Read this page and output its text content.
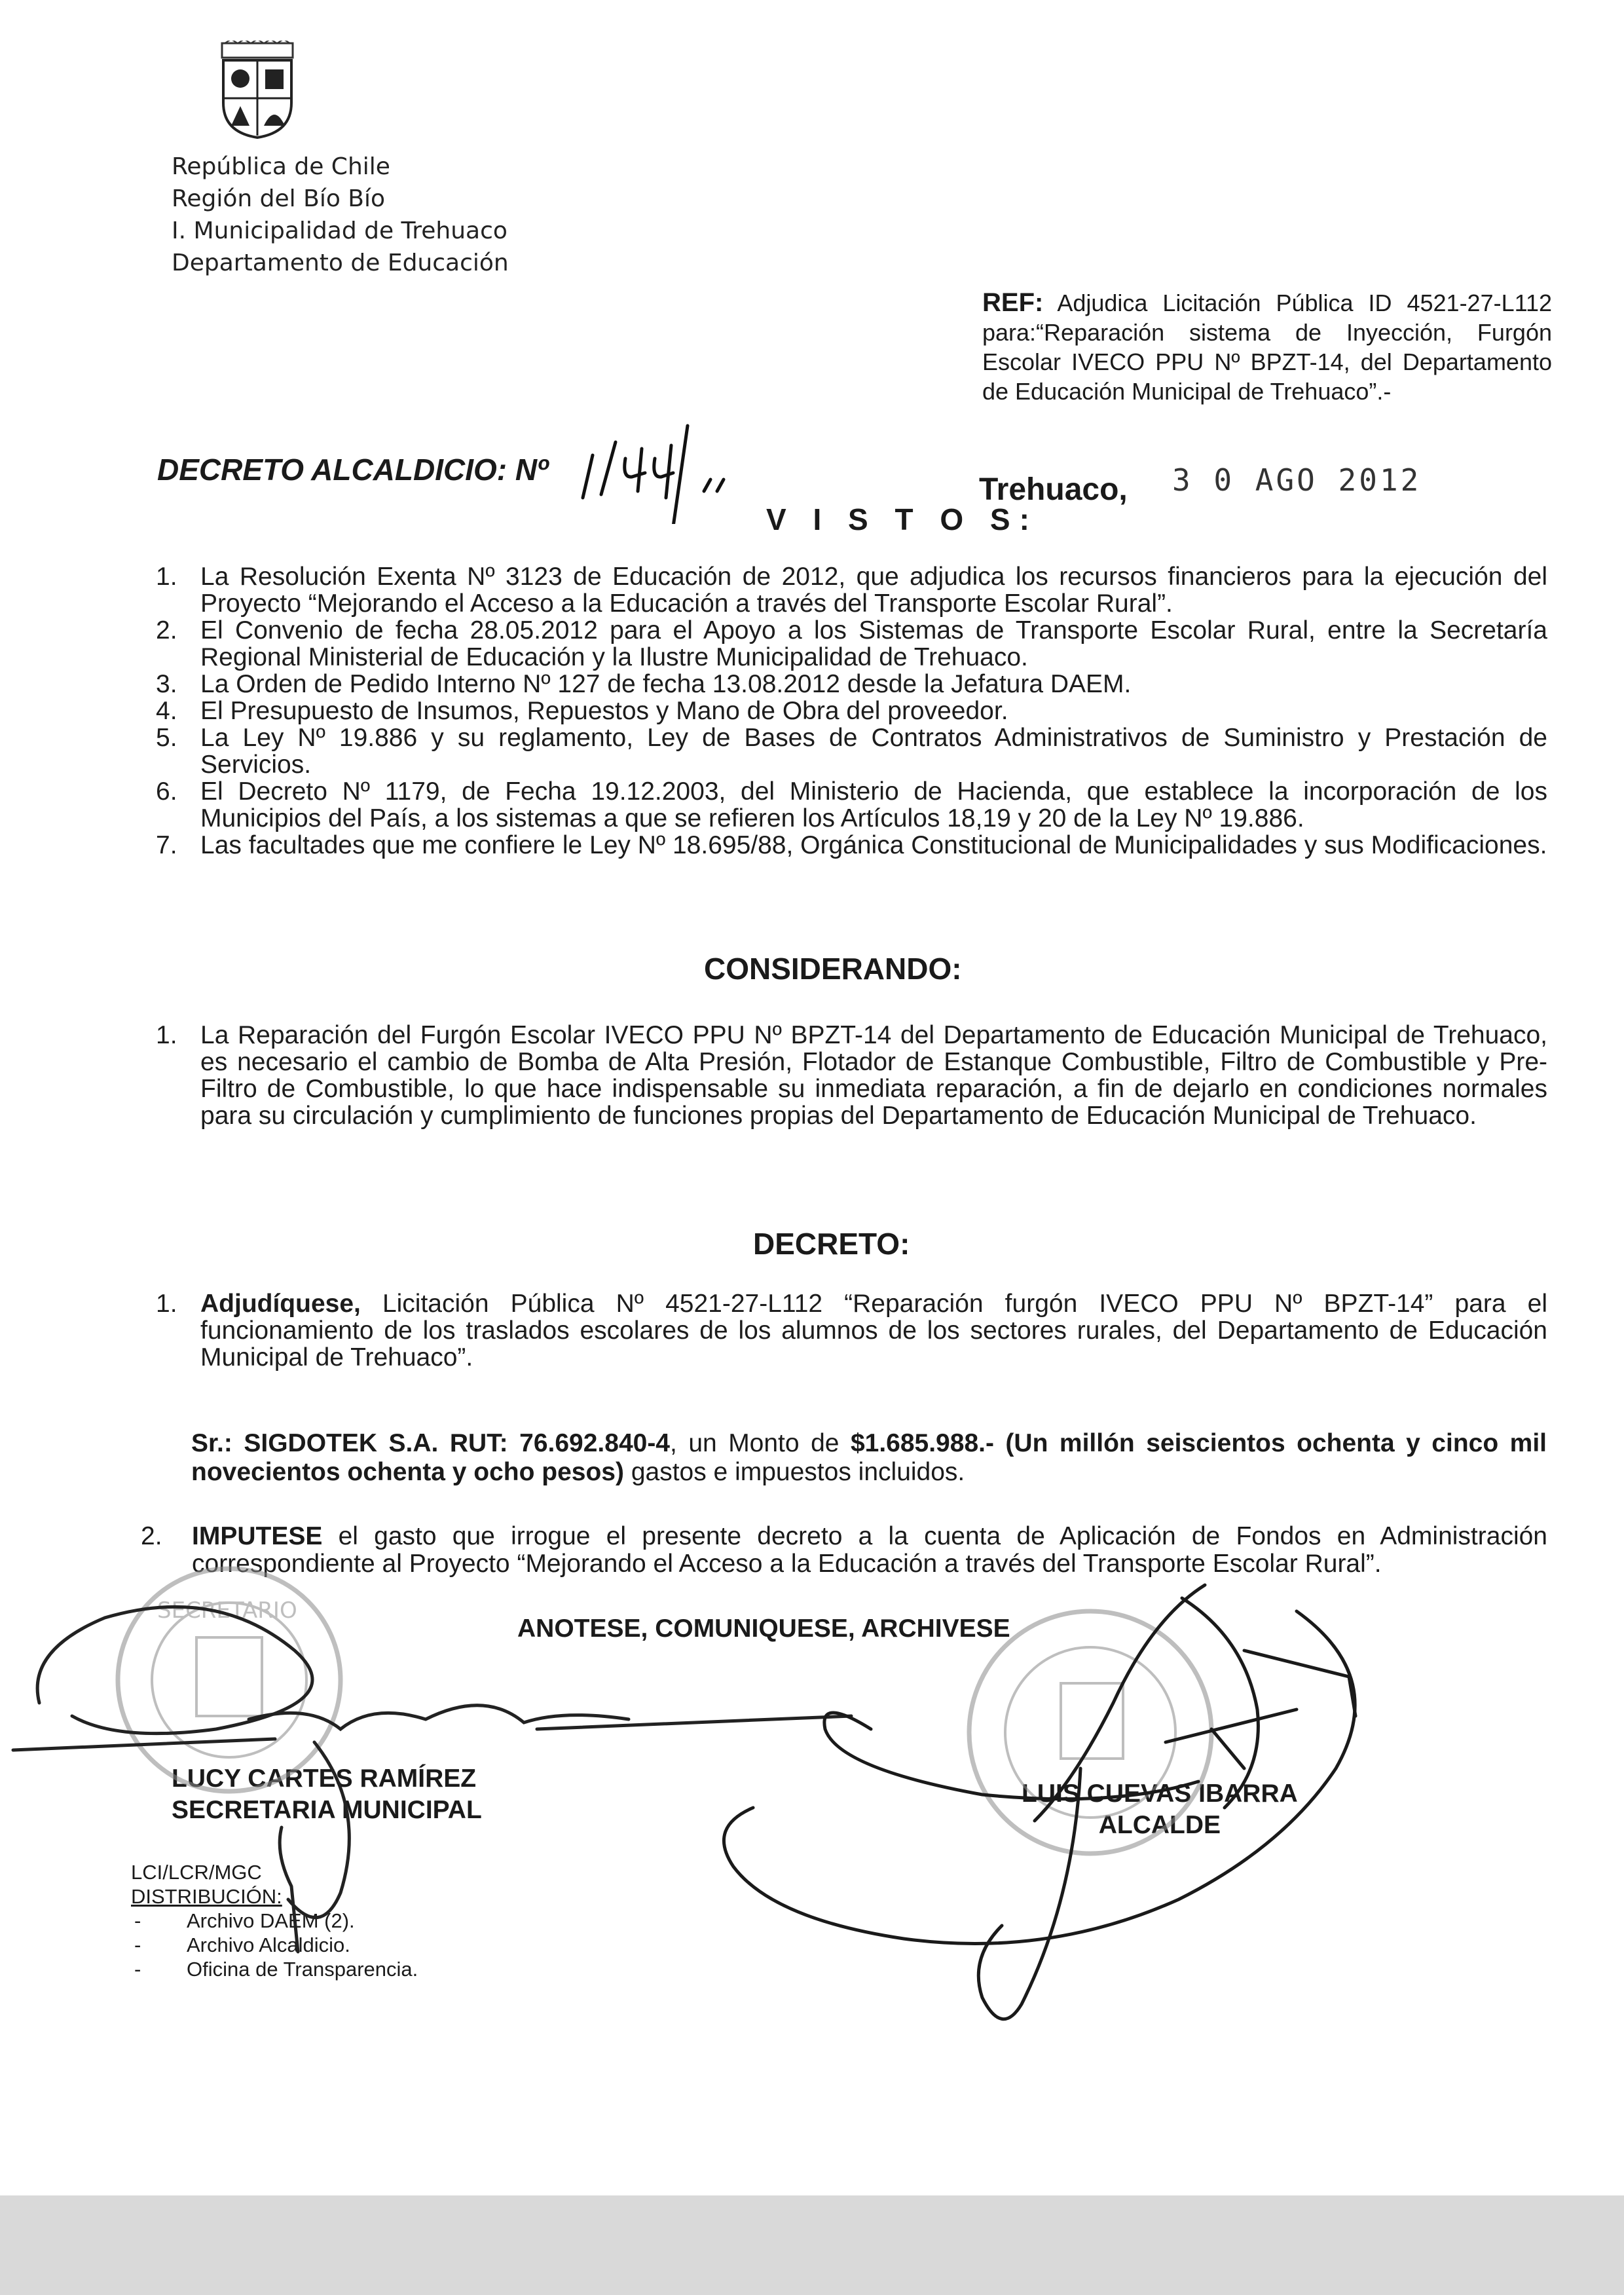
República de Chile
Región del Bío Bío
I. Municipalidad de Trehuaco
Departamento de Educación
REF: Adjudica Licitación Pública ID 4521-27-L112 para:“Reparación sistema de Inyección, Furgón Escolar IVECO PPU Nº BPZT-14, del Departamento de Educación Municipal de Trehuaco”.-
DECRETO ALCALDICIO: Nº
Trehuaco, 3 0 AGO 2012
V I S T O S:
1. La Resolución Exenta Nº 3123 de Educación de 2012, que adjudica los recursos financieros para la ejecución del Proyecto “Mejorando el Acceso a la Educación a través del Transporte Escolar Rural”.
2. El Convenio de fecha 28.05.2012 para el Apoyo a los Sistemas de Transporte Escolar Rural, entre la Secretaría Regional Ministerial de Educación y la Ilustre Municipalidad de Trehuaco.
3. La Orden de Pedido Interno Nº 127 de fecha 13.08.2012 desde la Jefatura DAEM.
4. El Presupuesto de Insumos, Repuestos y Mano de Obra del proveedor.
5. La Ley Nº 19.886 y su reglamento, Ley de Bases de Contratos Administrativos de Suministro y Prestación de Servicios.
6. El Decreto Nº 1179, de Fecha 19.12.2003, del Ministerio de Hacienda, que establece la incorporación de los Municipios del País, a los sistemas a que se refieren los Artículos 18,19 y 20 de la Ley Nº 19.886.
7. Las facultades que me confiere le Ley Nº 18.695/88, Orgánica Constitucional de Municipalidades y sus Modificaciones.
CONSIDERANDO:
1. La Reparación del Furgón Escolar IVECO PPU Nº BPZT-14 del Departamento de Educación Municipal de Trehuaco, es necesario el cambio de Bomba de Alta Presión, Flotador de Estanque Combustible, Filtro de Combustible y Pre-Filtro de Combustible, lo que hace indispensable su inmediata reparación, a fin de dejarlo en condiciones normales para su circulación y cumplimiento de funciones propias del Departamento de Educación Municipal de Trehuaco.
DECRETO:
1. Adjudíquese, Licitación Pública Nº 4521-27-L112 “Reparación furgón IVECO PPU Nº BPZT-14” para el funcionamiento de los traslados escolares de los alumnos de los sectores rurales, del Departamento de Educación Municipal de Trehuaco”.
Sr.: SIGDOTEK S.A. RUT: 76.692.840-4, un Monto de $1.685.988.- (Un millón seiscientos ochenta y cinco mil novecientos ochenta y ocho pesos) gastos e impuestos incluidos.
2. IMPUTESE el gasto que irrogue el presente decreto a la cuenta de Aplicación de Fondos en Administración correspondiente al Proyecto “Mejorando el Acceso a la Educación a través del Transporte Escolar Rural”.
ANOTESE, COMUNIQUESE, ARCHIVESE
LUCY CARTES RAMÍREZ
SECRETARIA MUNICIPAL
LUIS CUEVAS IBARRA
ALCALDE
LCI/LCR/MGC
DISTRIBUCIÓN:
- Archivo DAEM (2).
- Archivo Alcaldicio.
- Oficina de Transparencia.
SECRETARIO
